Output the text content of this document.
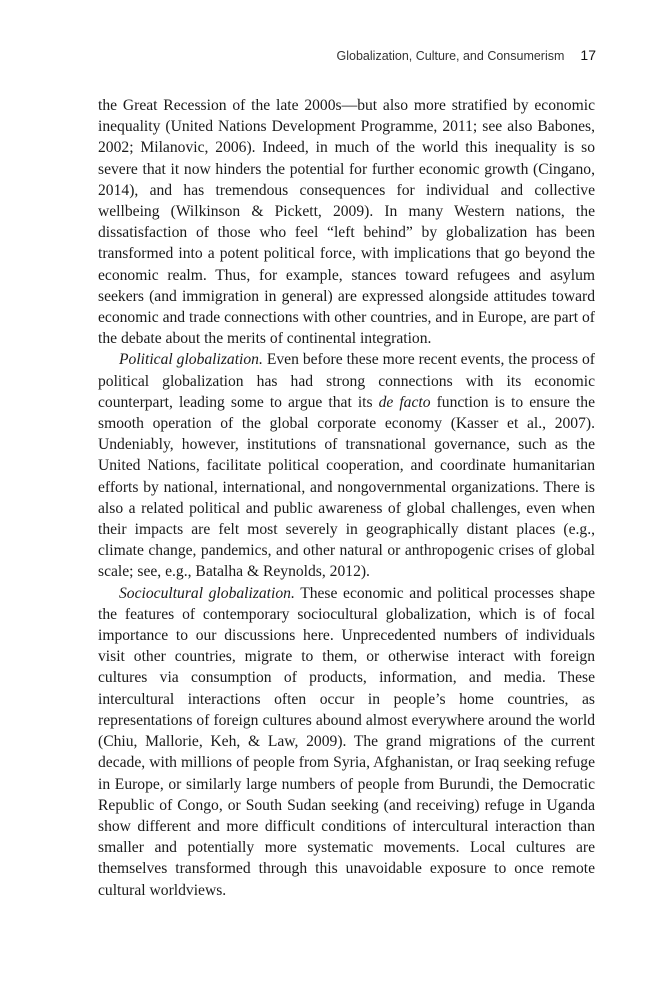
Globalization, Culture, and Consumerism 17

the Great Recession of the late 2000s—but also more stratified by economic inequality (United Nations Development Programme, 2011; see also Babones, 2002; Milanovic, 2006). Indeed, in much of the world this inequality is so severe that it now hinders the potential for further economic growth (Cingano, 2014), and has tremendous consequences for individual and collective wellbeing (Wilkinson & Pickett, 2009). In many Western nations, the dissatisfaction of those who feel “left behind” by globalization has been transformed into a potent political force, with implications that go beyond the economic realm. Thus, for example, stances toward refugees and asylum seekers (and immigration in general) are expressed alongside attitudes toward economic and trade connections with other countries, and in Europe, are part of the debate about the merits of continental integration.

Political globalization. Even before these more recent events, the process of political globalization has had strong connections with its economic counterpart, leading some to argue that its de facto function is to ensure the smooth operation of the global corporate economy (Kasser et al., 2007). Undeniably, however, institutions of transnational governance, such as the United Nations, facilitate political cooperation, and coordinate humanitarian efforts by national, international, and nongovernmental organizations. There is also a related political and public awareness of global challenges, even when their impacts are felt most severely in geographically distant places (e.g., climate change, pandemics, and other natural or anthropogenic crises of global scale; see, e.g., Batalha & Reynolds, 2012).

Sociocultural globalization. These economic and political processes shape the features of contemporary sociocultural globalization, which is of focal importance to our discussions here. Unprecedented numbers of individuals visit other countries, migrate to them, or otherwise interact with foreign cultures via consumption of products, information, and media. These intercultural interactions often occur in people’s home countries, as representations of foreign cultures abound almost everywhere around the world (Chiu, Mallorie, Keh, & Law, 2009). The grand migrations of the current decade, with millions of people from Syria, Afghanistan, or Iraq seeking refuge in Europe, or similarly large numbers of people from Burundi, the Democratic Republic of Congo, or South Sudan seeking (and receiving) refuge in Uganda show different and more difficult conditions of intercultural interaction than smaller and potentially more systematic movements. Local cultures are themselves transformed through this unavoidable exposure to once remote cultural worldviews.
